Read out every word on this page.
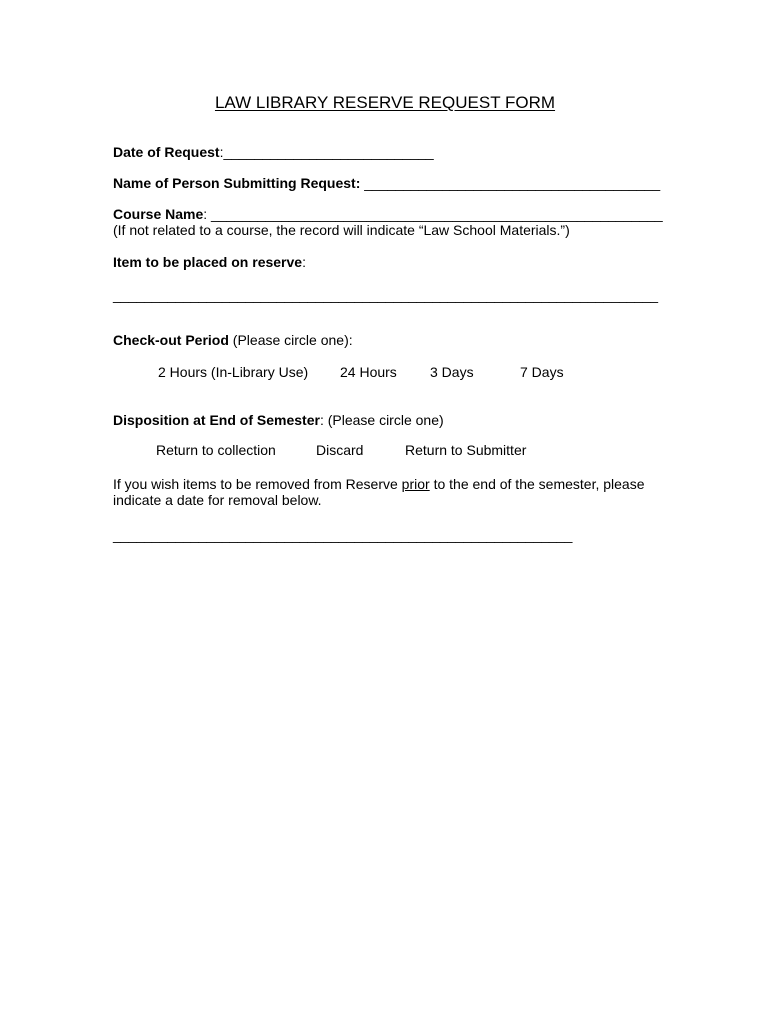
LAW LIBRARY RESERVE REQUEST FORM
Date of Request:___________________________
Name of Person Submitting Request: ______________________________________
Course Name: __________________________________________________________
(If not related to a course, the record will indicate “Law School Materials.”)
Item to be placed on reserve:
______________________________________________________________________
Check-out Period (Please circle one):
2 Hours (In-Library Use) 24 Hours 3 Days	7 Days
Disposition at End of Semester: (Please circle one)
Return to collection	Discard	Return to Submitter
If you wish items to be removed from Reserve prior to the end of the semester, please
indicate a date for removal below.
___________________________________________________________
